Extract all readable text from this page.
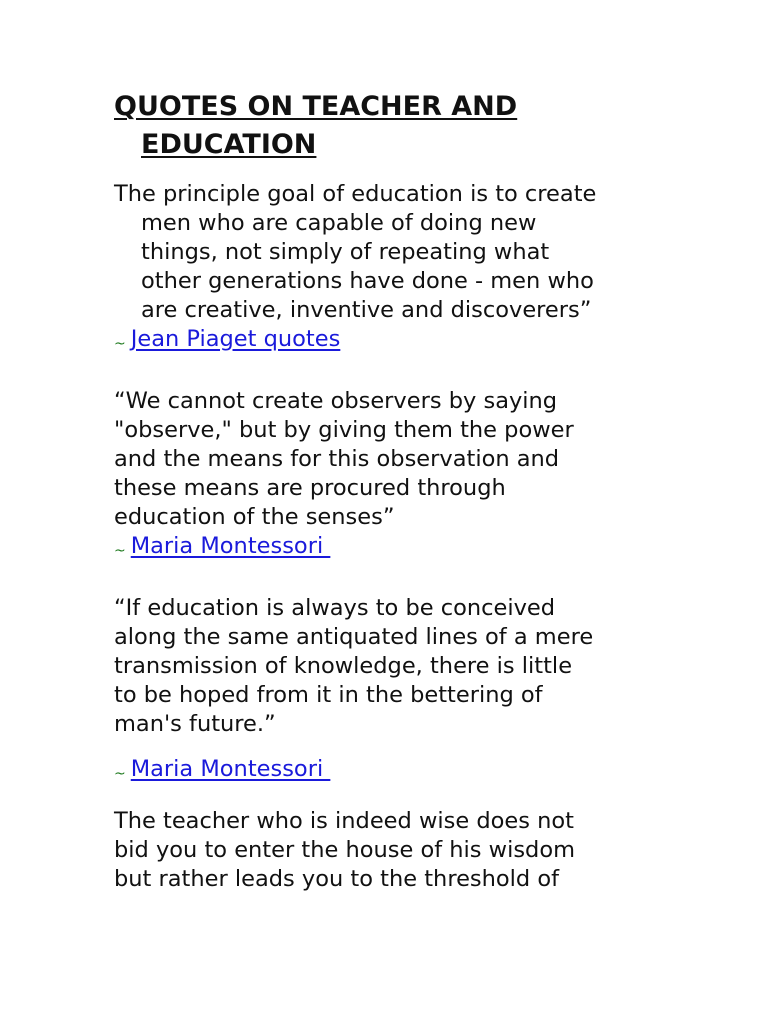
QUOTES ON TEACHER AND
EDUCATION

The principle goal of education is to create
men who are capable of doing new
things, not simply of repeating what
other generations have done - men who
are creative, inventive and discoverers”

~ Jean Piaget quotes

“We cannot create observers by saying
"observe," but by giving them the power
and the means for this observation and
these means are procured through
education of the senses”

~ Maria Montessori

“If education is always to be conceived
along the same antiquated lines of a mere
transmission of knowledge, there is little
to be hoped from it in the bettering of
man's future.”

~ Maria Montessori

The teacher who is indeed wise does not
bid you to enter the house of his wisdom
but rather leads you to the threshold of
